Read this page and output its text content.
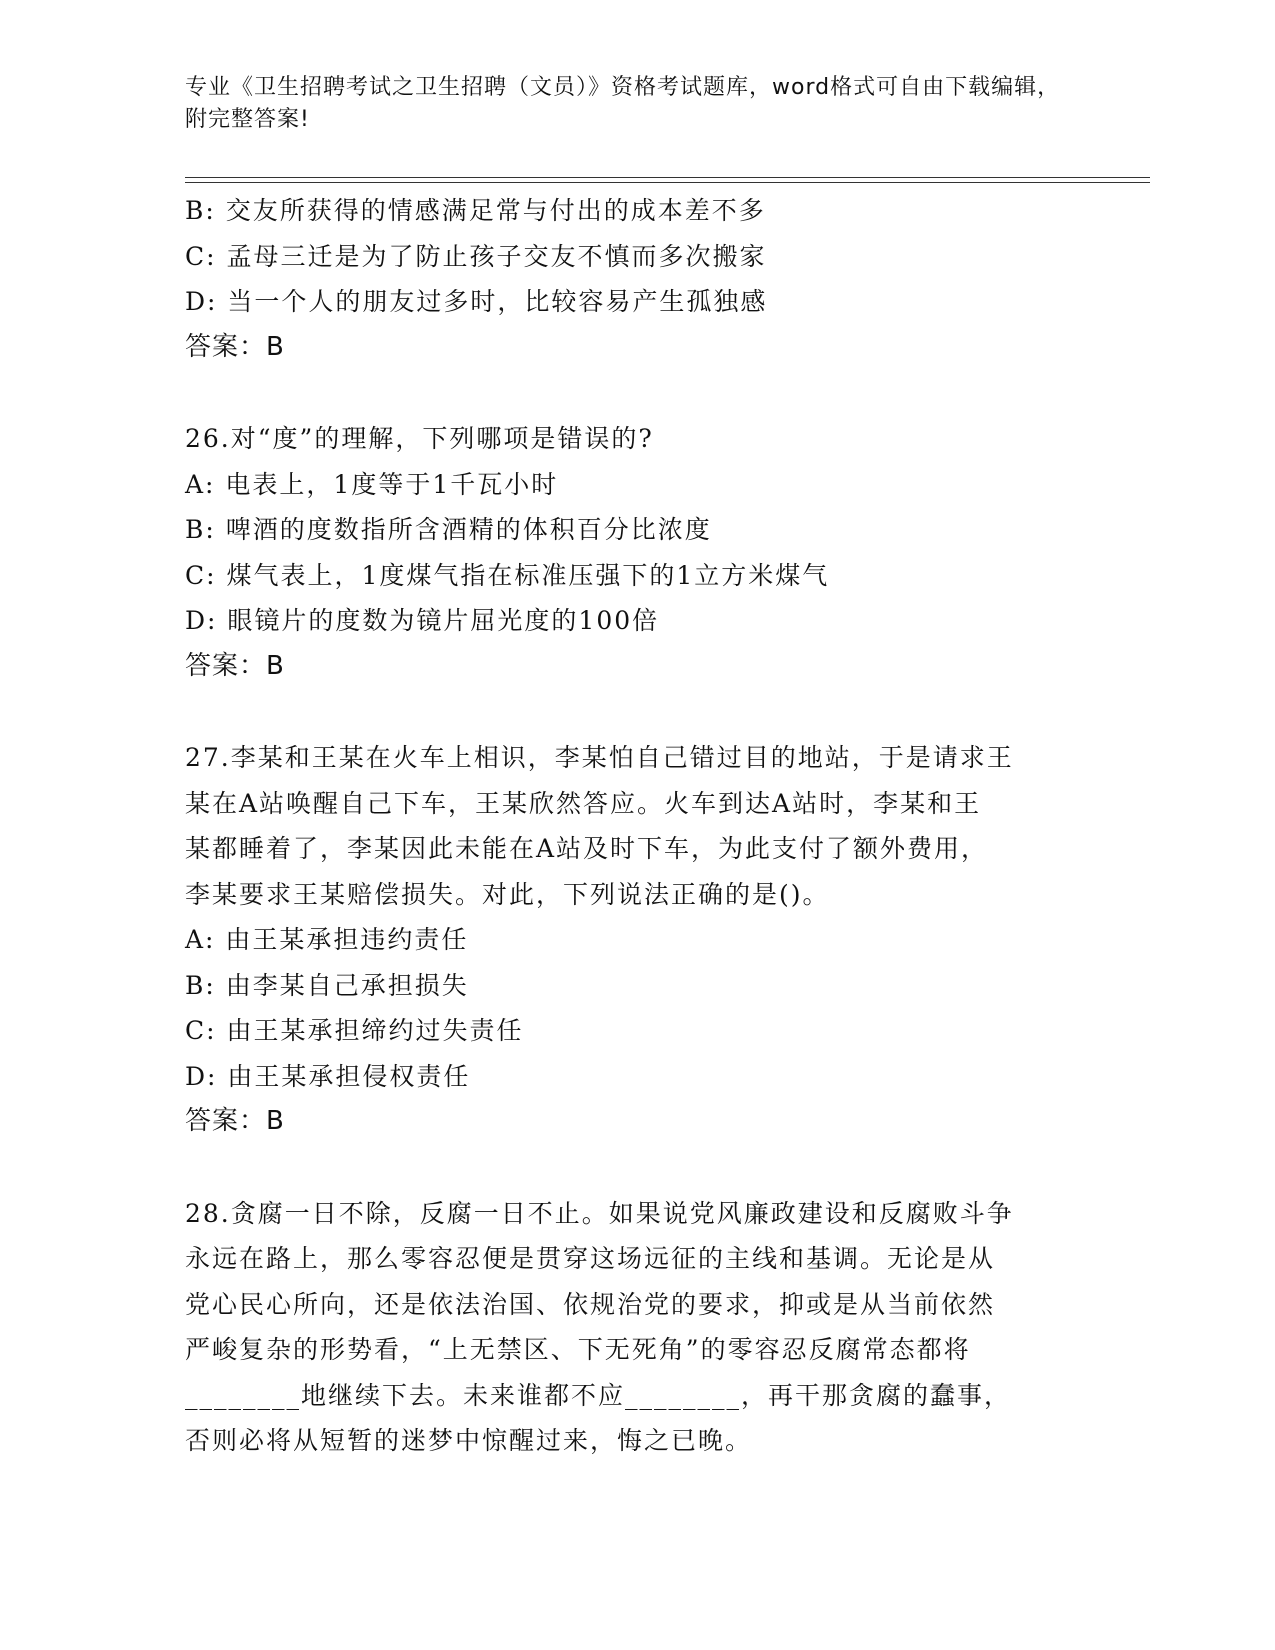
专业《卫生招聘考试之卫生招聘（文员）》资格考试题库，word格式可自由下载编辑，附完整答案!
B: 交友所获得的情感满足常与付出的成本差不多
C: 孟母三迁是为了防止孩子交友不慎而多次搬家
D: 当一个人的朋友过多时，比较容易产生孤独感
答案：B
26.对“度”的理解，下列哪项是错误的?
A: 电表上，1度等于1千瓦小时
B: 啤酒的度数指所含酒精的体积百分比浓度
C: 煤气表上，1度煤气指在标准压强下的1立方米煤气
D: 眼镜片的度数为镜片屈光度的100倍
答案：B
27.李某和王某在火车上相识，李某怕自己错过目的地站，于是请求王
某在A站唤醒自己下车，王某欣然答应。火车到达A站时，李某和王
某都睡着了，李某因此未能在A站及时下车，为此支付了额外费用，
李某要求王某赔偿损失。对此，下列说法正确的是()。
A: 由王某承担违约责任
B: 由李某自己承担损失
C: 由王某承担缔约过失责任
D: 由王某承担侵权责任
答案：B
28.贪腐一日不除，反腐一日不止。如果说党风廉政建设和反腐败斗争
永远在路上，那么零容忍便是贯穿这场远征的主线和基调。无论是从
党心民心所向，还是依法治国、依规治党的要求，抑或是从当前依然
严峻复杂的形势看，“上无禁区、下无死角”的零容忍反腐常态都将
________地继续下去。未来谁都不应________，再干那贪腐的蠢事，
否则必将从短暂的迷梦中惊醒过来，悔之已晚。
